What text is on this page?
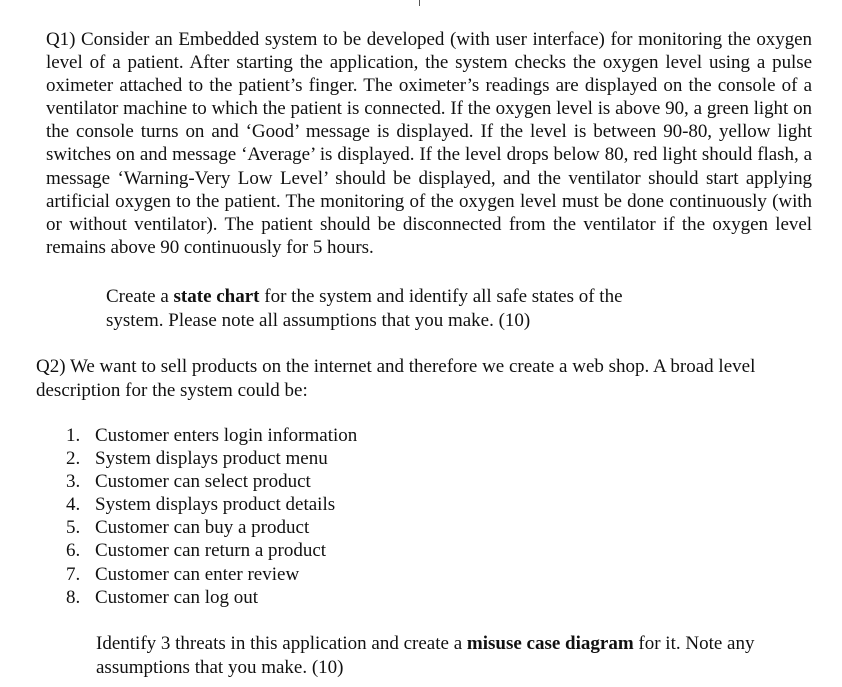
Q1) Consider an Embedded system to be developed (with user interface) for monitoring the oxygen level of a patient. After starting the application, the system checks the oxygen level using a pulse oximeter attached to the patient’s finger. The oximeter’s readings are displayed on the console of a ventilator machine to which the patient is connected. If the oxygen level is above 90, a green light on the console turns on and ‘Good’ message is displayed. If the level is between 90-80, yellow light switches on and message ‘Average’ is displayed. If the level drops below 80, red light should flash, a message ‘Warning-Very Low Level’ should be displayed, and the ventilator should start applying artificial oxygen to the patient. The monitoring of the oxygen level must be done continuously (with or without ventilator). The patient should be disconnected from the ventilator if the oxygen level remains above 90 continuously for 5 hours.

Create a state chart for the system and identify all safe states of the system. Please note all assumptions that you make. (10)

Q2) We want to sell products on the internet and therefore we create a web shop. A broad level description for the system could be:

1. Customer enters login information
2. System displays product menu
3. Customer can select product
4. System displays product details
5. Customer can buy a product
6. Customer can return a product
7. Customer can enter review
8. Customer can log out

Identify 3 threats in this application and create a misuse case diagram for it. Note any assumptions that you make. (10)
